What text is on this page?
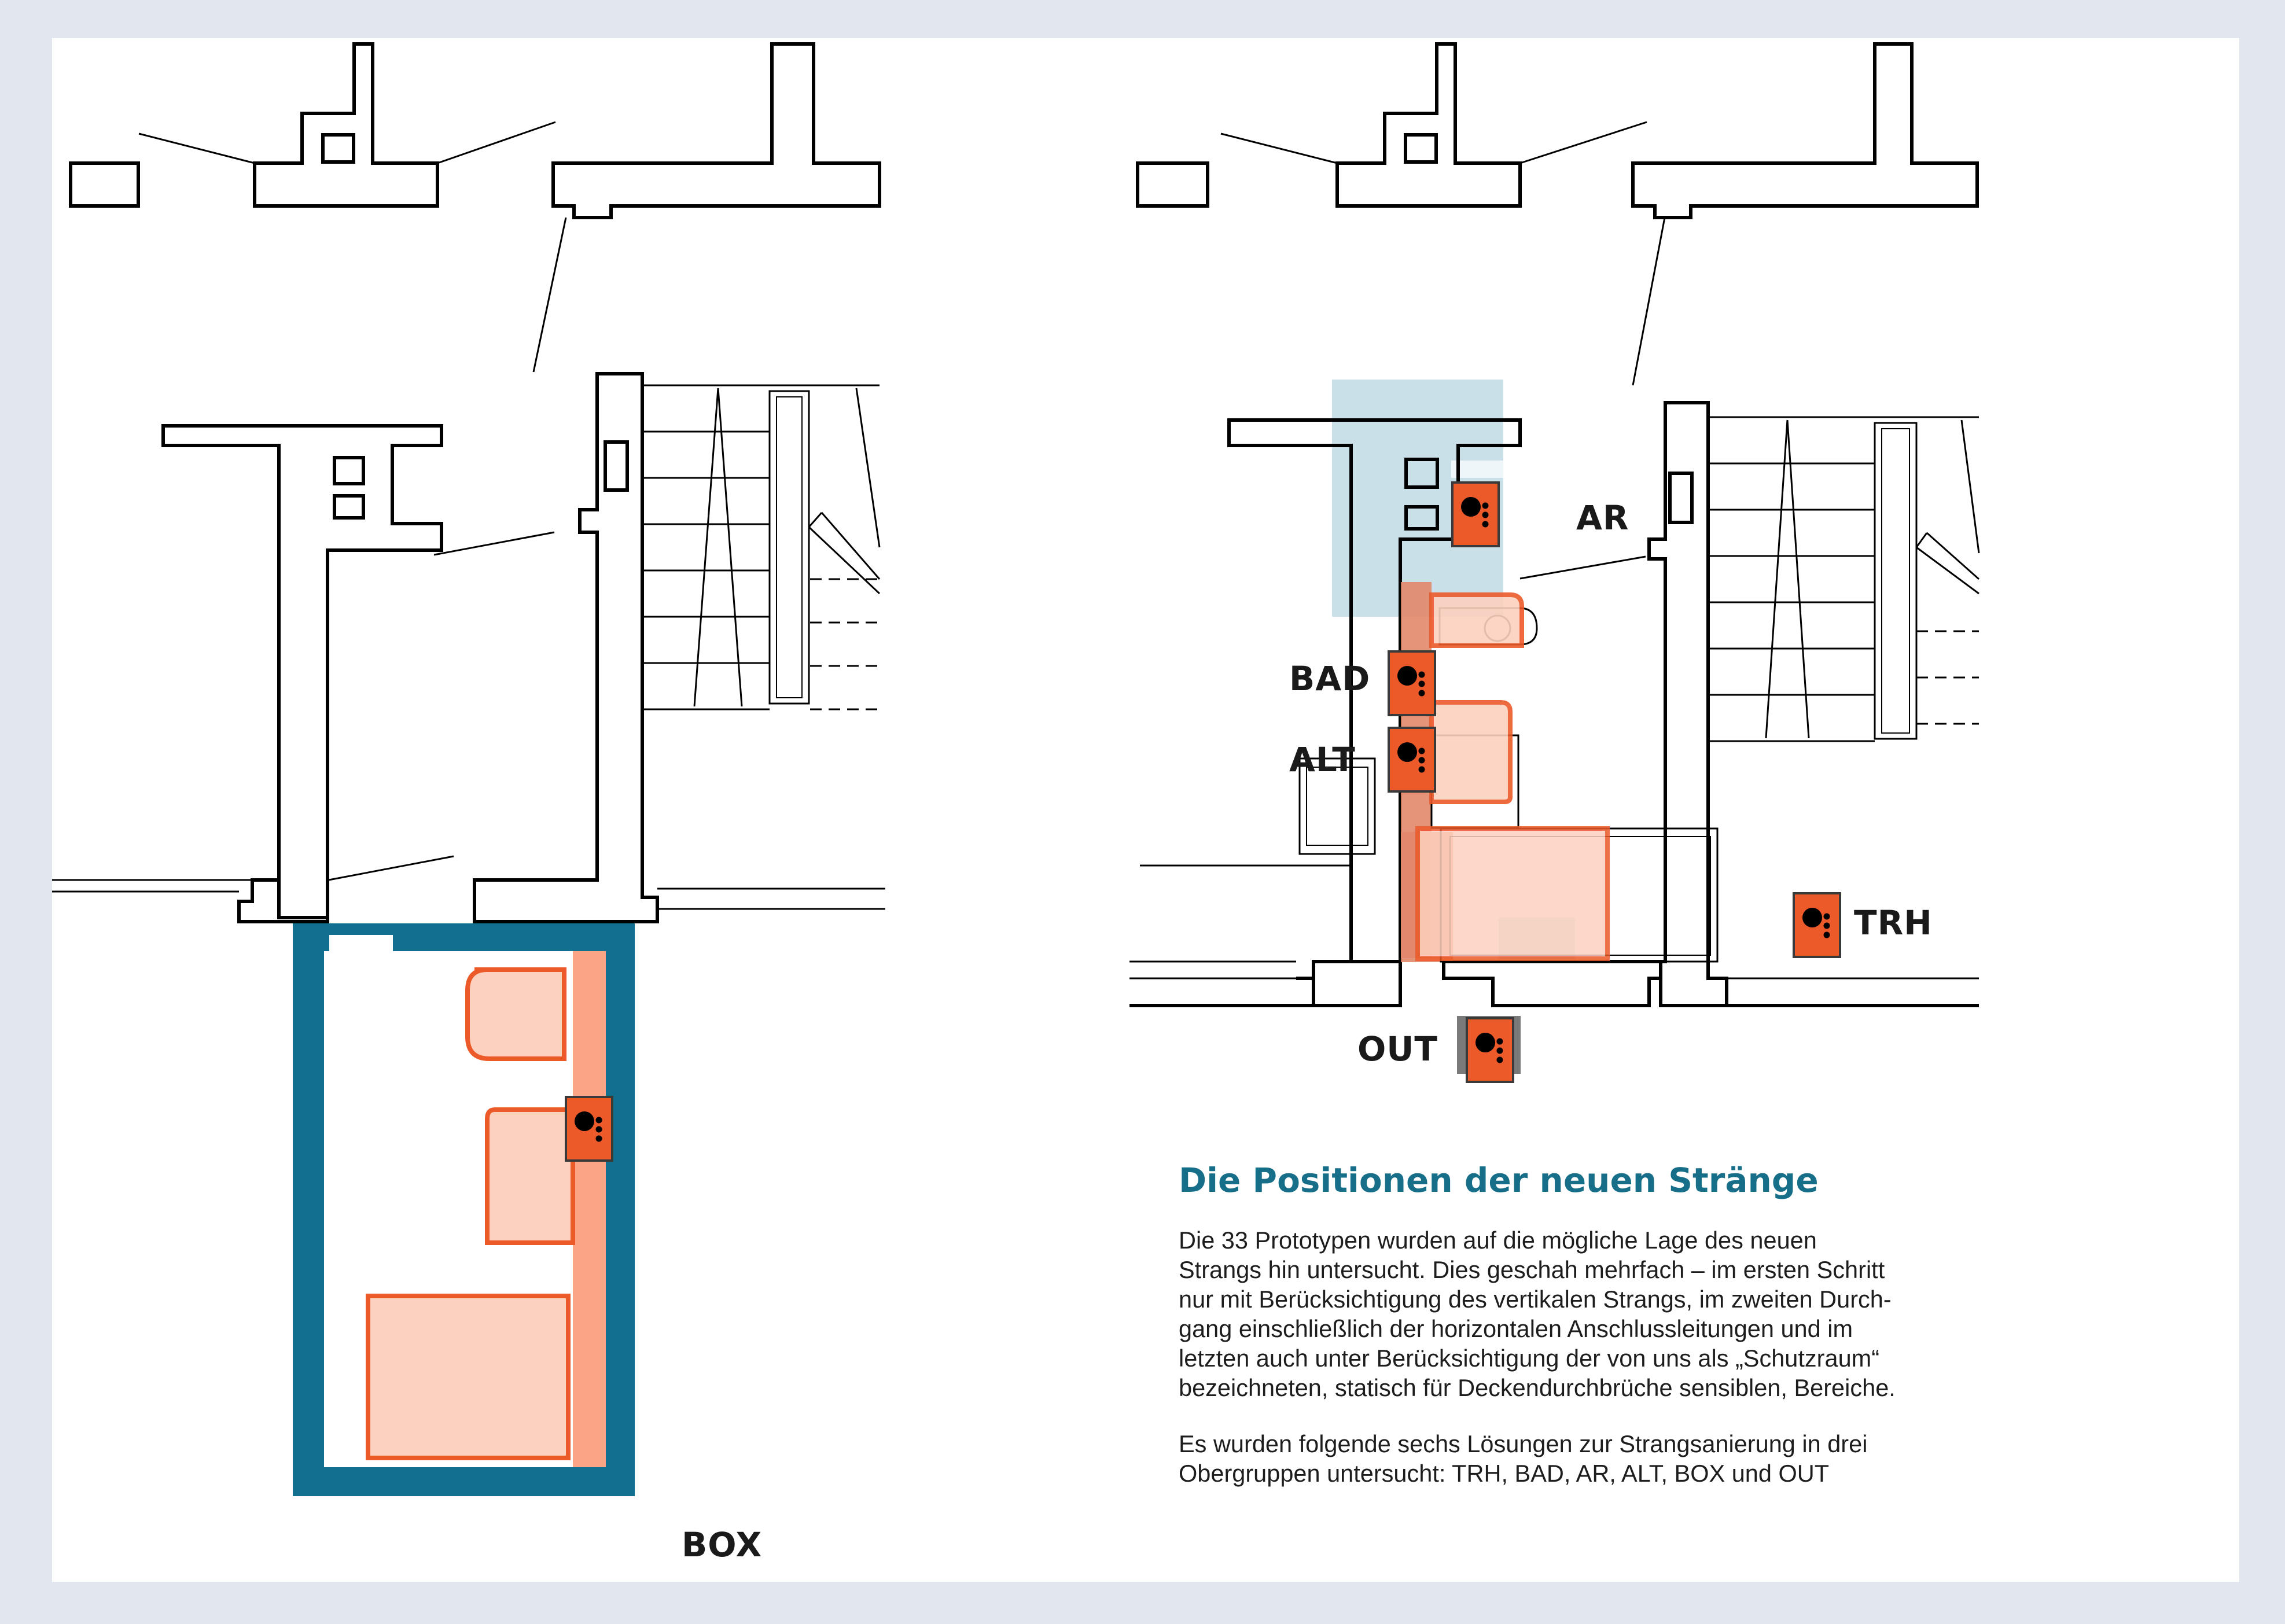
AR
BAD
ALT
TRH
OUT
BOX
Die Positionen der neuen Stränge
Die 33 Prototypen wurden auf die mögliche Lage des neuen
Strangs hin untersucht. Dies geschah mehrfach – im ersten Schritt
nur mit Berücksichtigung des vertikalen Strangs, im zweiten Durch-
gang einschließlich der horizontalen Anschlussleitungen und im
letzten auch unter Berücksichtigung der von uns als „Schutzraum“
bezeichneten, statisch für Deckendurchbrüche sensiblen, Bereiche.
Es wurden folgende sechs Lösungen zur Strangsanierung in drei
Obergruppen untersucht: TRH, BAD, AR, ALT, BOX und OUT
